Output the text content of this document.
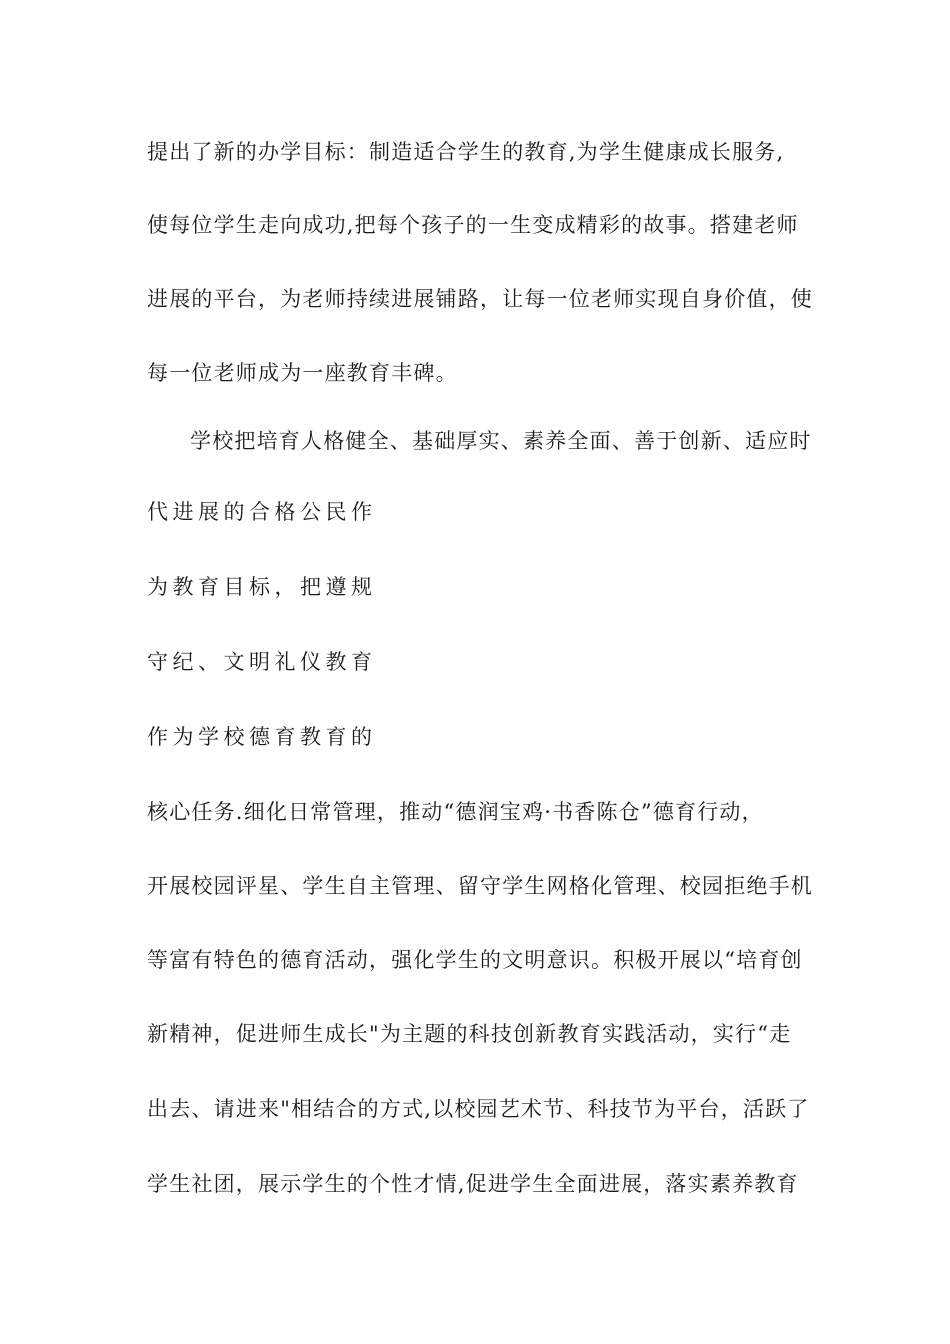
提出了新的办学目标：制造适合学生的教育,为学生健康成长服务,
使每位学生走向成功,把每个孩子的一生变成精彩的故事。搭建老师
进展的平台，为老师持续进展铺路，让每一位老师实现自身价值，使
每一位老师成为一座教育丰碑。
学校把培育人格健全、基础厚实、素养全面、善于创新、适应时
代进展的合格公民作
为教育目标，把遵规
守纪、文明礼仪教育
作为学校德育教育的
核心任务.细化日常管理，推动“德润宝鸡·书香陈仓”德育行动，
开展校园评星、学生自主管理、留守学生网格化管理、校园拒绝手机
等富有特色的德育活动，强化学生的文明意识。积极开展以“培育创
新精神，促进师生成长"为主题的科技创新教育实践活动，实行“走
出去、请进来"相结合的方式,以校园艺术节、科技节为平台，活跃了
学生社团，展示学生的个性才情,促进学生全面进展，落实素养教育
